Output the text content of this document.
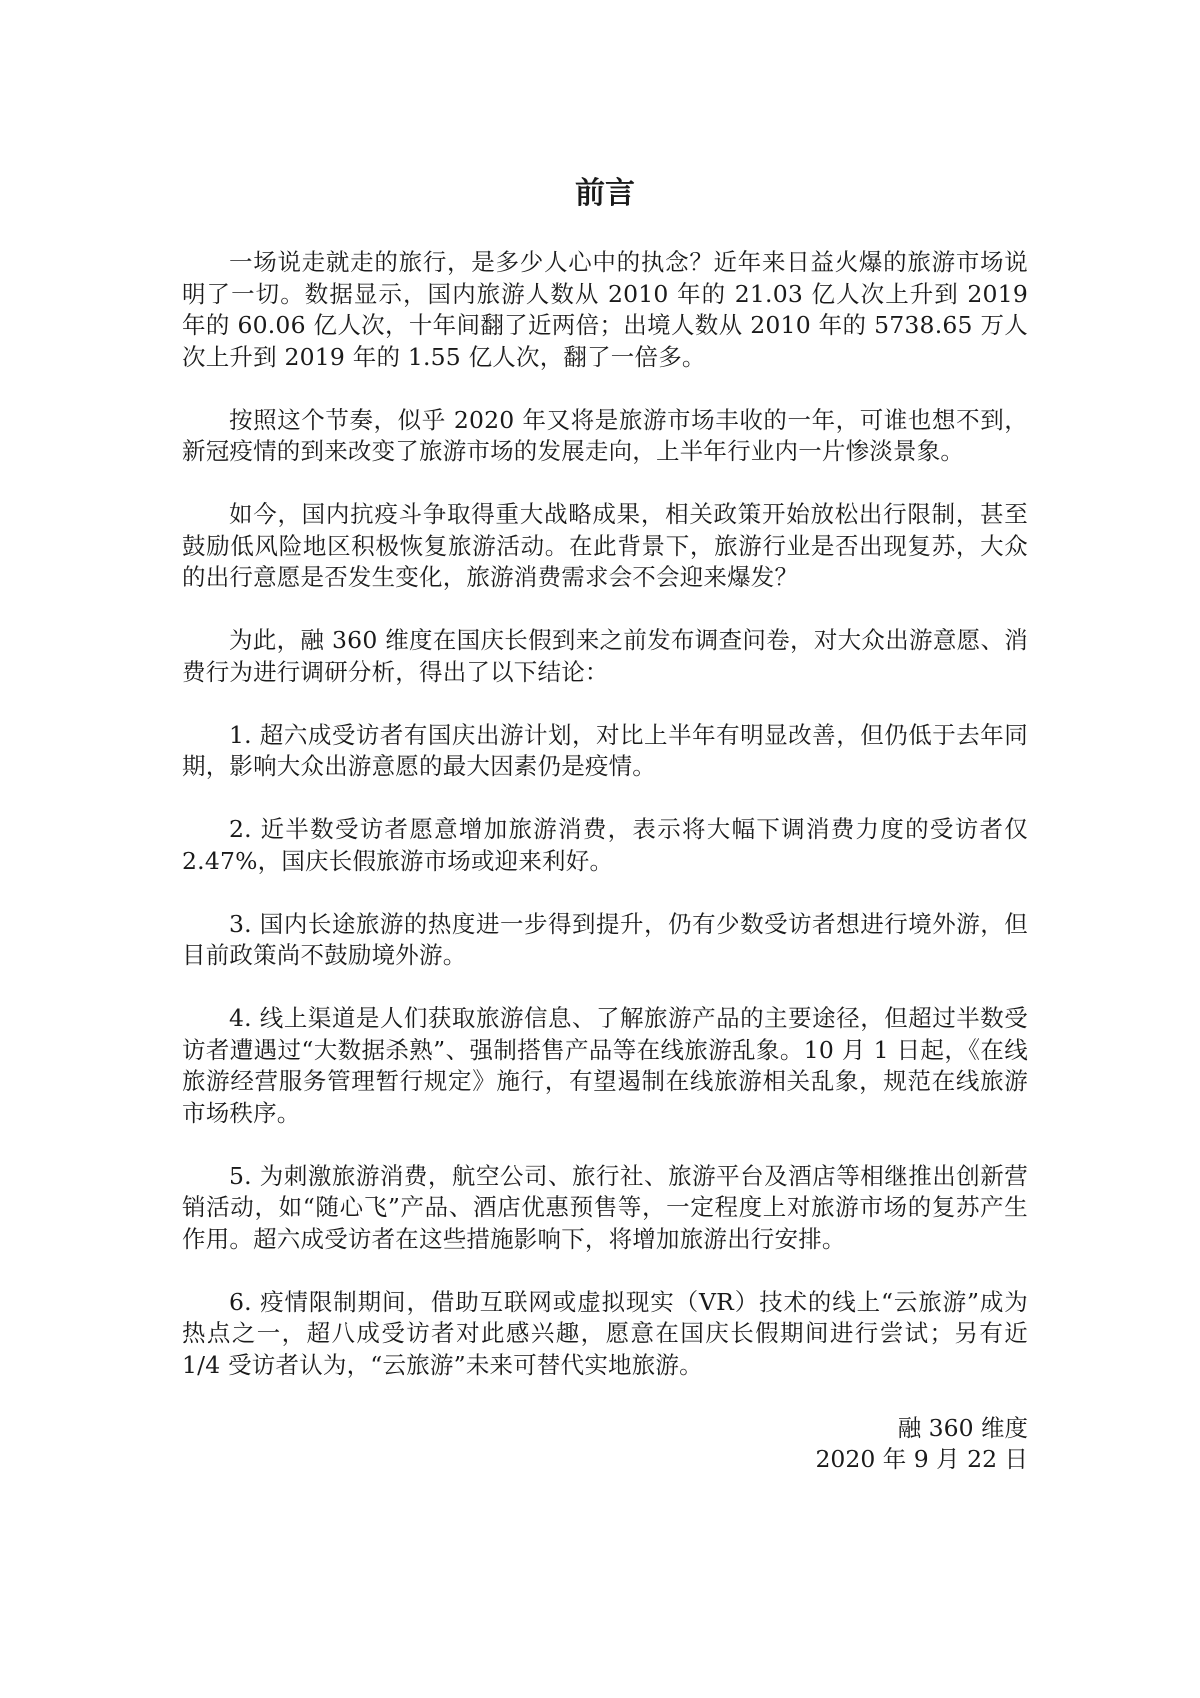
前言

一场说走就走的旅行，是多少人心中的执念？近年来日益火爆的旅游市场说明了一切。数据显示，国内旅游人数从 2010 年的 21.03 亿人次上升到 2019 年的 60.06 亿人次，十年间翻了近两倍；出境人数从 2010 年的 5738.65 万人次上升到 2019 年的 1.55 亿人次，翻了一倍多。

按照这个节奏，似乎 2020 年又将是旅游市场丰收的一年，可谁也想不到，新冠疫情的到来改变了旅游市场的发展走向，上半年行业内一片惨淡景象。

如今，国内抗疫斗争取得重大战略成果，相关政策开始放松出行限制，甚至鼓励低风险地区积极恢复旅游活动。在此背景下，旅游行业是否出现复苏，大众的出行意愿是否发生变化，旅游消费需求会不会迎来爆发？

为此，融 360 维度在国庆长假到来之前发布调查问卷，对大众出游意愿、消费行为进行调研分析，得出了以下结论：

1. 超六成受访者有国庆出游计划，对比上半年有明显改善，但仍低于去年同期，影响大众出游意愿的最大因素仍是疫情。

2. 近半数受访者愿意增加旅游消费，表示将大幅下调消费力度的受访者仅 2.47%，国庆长假旅游市场或迎来利好。

3. 国内长途旅游的热度进一步得到提升，仍有少数受访者想进行境外游，但目前政策尚不鼓励境外游。

4. 线上渠道是人们获取旅游信息、了解旅游产品的主要途径，但超过半数受访者遭遇过“大数据杀熟”、强制搭售产品等在线旅游乱象。10 月 1 日起，《在线旅游经营服务管理暂行规定》施行，有望遏制在线旅游相关乱象，规范在线旅游市场秩序。

5. 为刺激旅游消费，航空公司、旅行社、旅游平台及酒店等相继推出创新营销活动，如“随心飞”产品、酒店优惠预售等，一定程度上对旅游市场的复苏产生作用。超六成受访者在这些措施影响下，将增加旅游出行安排。

6. 疫情限制期间，借助互联网或虚拟现实（VR）技术的线上“云旅游”成为热点之一，超八成受访者对此感兴趣，愿意在国庆长假期间进行尝试；另有近 1/4 受访者认为，“云旅游”未来可替代实地旅游。

融 360 维度

2020 年 9 月 22 日
